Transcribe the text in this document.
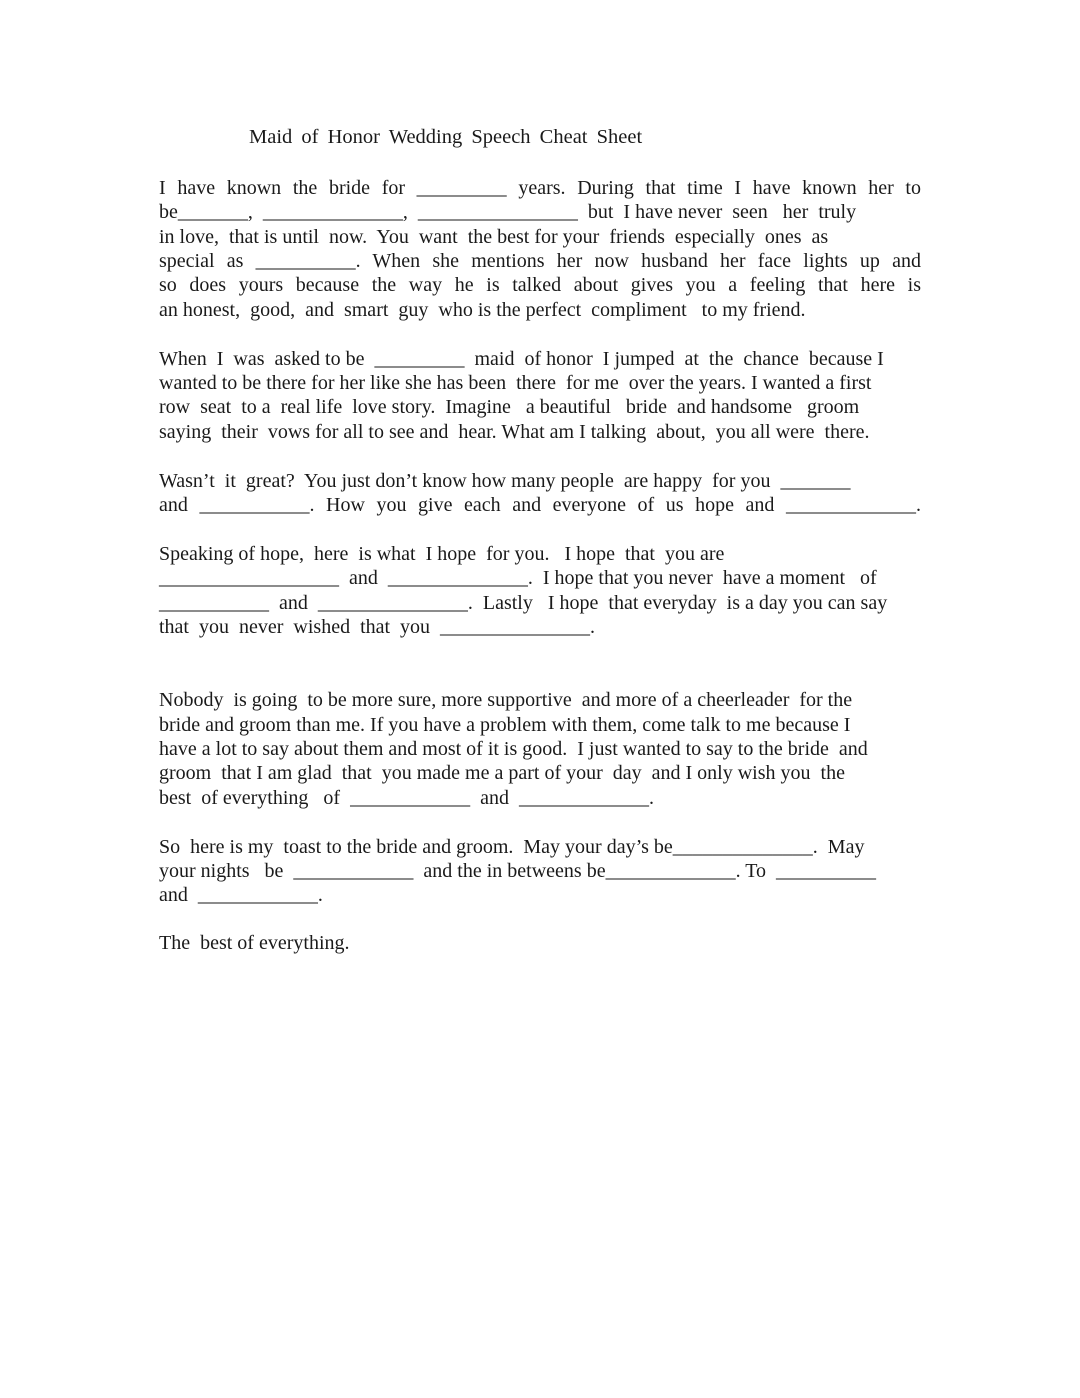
Maid of Honor Wedding Speech Cheat Sheet
I have known the bride for _________ years. During that time I have known her to
be_______,  ______________,  ________________  but  I have never  seen   her  truly
in love,  that is until  now.  You  want  the best for your  friends  especially  ones  as
special as __________. When she mentions her now husband her face lights up and
so does yours because the way he is talked about gives you a feeling that here is
an honest,  good,  and  smart  guy  who is the perfect  compliment   to my friend.
When  I  was  asked to be  _________  maid  of honor  I jumped  at  the  chance  because I
wanted to be there for her like she has been  there  for me  over the years. I wanted a first
row  seat  to a  real life  love story.  Imagine   a beautiful   bride  and handsome   groom
saying  their  vows for all to see and  hear. What am I talking  about,  you all were  there.
Wasn’t  it  great?  You just don’t know how many people  are happy  for you  _______
and ___________. How you give each and everyone of us hope and _____________.
Speaking of hope,  here  is what  I hope  for you.   I hope  that  you are
__________________  and  ______________.  I hope that you never  have a moment   of
___________  and  _______________.  Lastly   I hope  that everyday  is a day you can say
that  you  never  wished  that  you  _______________.
Nobody  is going  to be more sure, more supportive  and more of a cheerleader  for the
bride and groom than me. If you have a problem with them, come talk to me because I
have a lot to say about them and most of it is good.  I just wanted to say to the bride  and
groom  that I am glad  that  you made me a part of your  day  and I only wish you  the
best  of everything   of  ____________  and  _____________.
So  here is my  toast to the bride and groom.  May your day’s be______________.  May
your nights   be  ____________  and the in betweens be_____________. To  __________
and  ____________.
The  best of everything.
